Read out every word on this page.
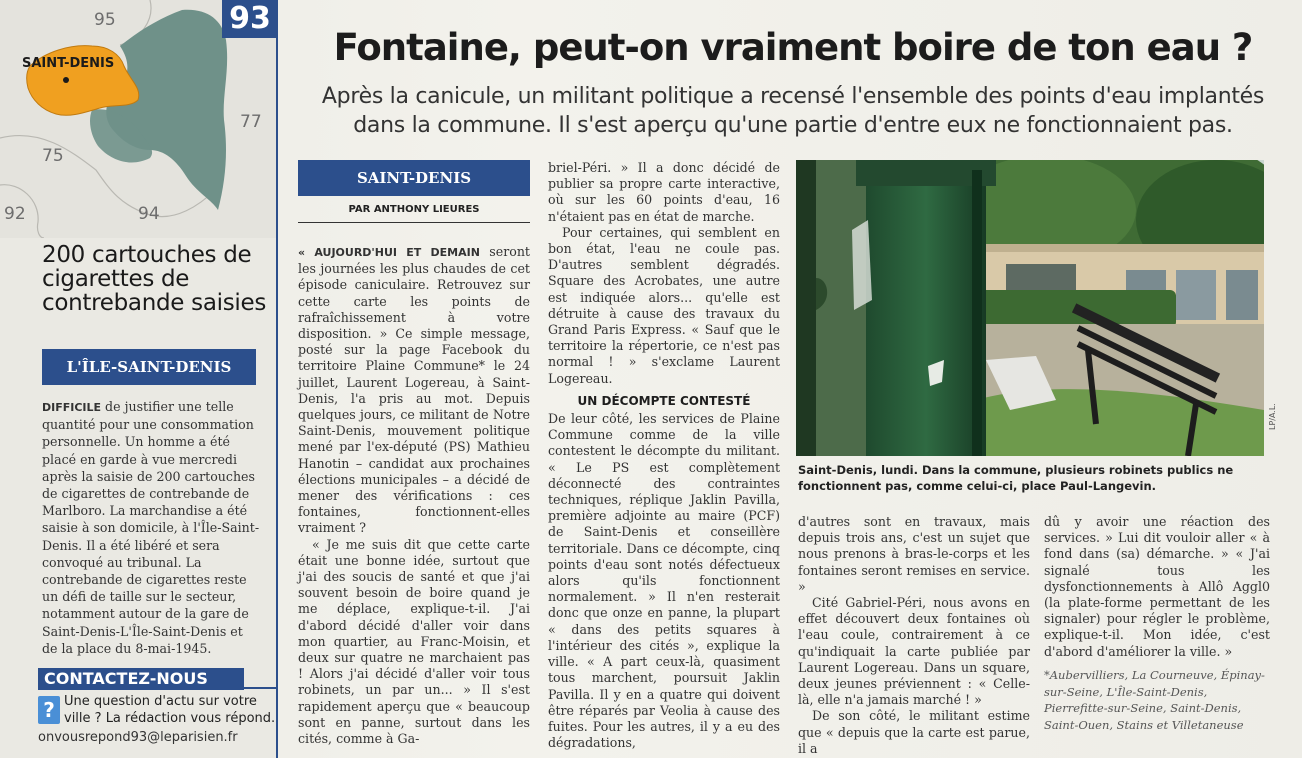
93
95
77
75
92	94
SAINT-DENIS
200 cartouches de cigarettes de contrebande saisies
L'ÎLE-SAINT-DENIS
DIFFICILE de justifier une telle quantité pour une consommation personnelle. Un homme a été placé en garde à vue mercredi après la saisie de 200 cartouches de cigarettes de contrebande de Marlboro. La marchandise a été saisie à son domicile, à l'Île-Saint-Denis. Il a été libéré et sera convoqué au tribunal. La contrebande de cigarettes reste un défi de taille sur le secteur, notamment autour de la gare de Saint-Denis-L'Île-Saint-Denis et de la place du 8-mai-1945.
CONTACTEZ-NOUS
? Une question d'actu sur votre ville ? La rédaction vous répond.
onvousrepond93@leparisien.fr
Fontaine, peut-on vraiment boire de ton eau ?
Après la canicule, un militant politique a recensé l'ensemble des points d'eau implantés dans la commune. Il s'est aperçu qu'une partie d'entre eux ne fonctionnaient pas.
SAINT-DENIS
PAR ANTHONY LIEURES

« AUJOURD'HUI ET DEMAIN seront les journées les plus chaudes de cet épisode caniculaire. Retrouvez sur cette carte les points de rafraîchissement à votre disposition. » Ce simple message, posté sur la page Facebook du territoire Plaine Commune* le 24 juillet, Laurent Logereau, à Saint-Denis, l'a pris au mot. Depuis quelques jours, ce militant de Notre Saint-Denis, mouvement politique mené par l'ex-député (PS) Mathieu Hanotin – candidat aux prochaines élections municipales – a décidé de mener des vérifications : ces fontaines, fonctionnent-elles vraiment ?

« Je me suis dit que cette carte était une bonne idée, surtout que j'ai des soucis de santé et que j'ai souvent besoin de boire quand je me déplace, explique-t-il. J'ai d'abord décidé d'aller voir dans mon quartier, au Franc-Moisin, et deux sur quatre ne marchaient pas ! Alors j'ai décidé d'aller voir tous robinets, un par un... » Il s'est rapidement aperçu que « beaucoup sont en panne, surtout dans les cités, comme à Ga-

briel-Péri. » Il a donc décidé de publier sa propre carte interactive, où sur les 60 points d'eau, 16 n'étaient pas en état de marche.

Pour certaines, qui semblent en bon état, l'eau ne coule pas. D'autres semblent dégradés. Square des Acrobates, une autre est indiquée alors... qu'elle est détruite à cause des travaux du Grand Paris Express. « Sauf que le territoire la répertorie, ce n'est pas normal ! » s'exclame Laurent Logereau.

UN DÉCOMPTE CONTESTÉ

De leur côté, les services de Plaine Commune comme de la ville contestent le décompte du militant. « Le PS est complètement déconnecté des contraintes techniques, réplique Jaklin Pavilla, première adjointe au maire (PCF) de Saint-Denis et conseillère territoriale. Dans ce décompte, cinq points d'eau sont notés défectueux alors qu'ils fonctionnent normalement. » Il n'en resterait donc que onze en panne, la plupart « dans des petits squares à l'intérieur des cités », explique la ville. « A part ceux-là, quasiment tous marchent, poursuit Jaklin Pavilla. Il y en a quatre qui doivent être réparés par Veolia à cause des fuites. Pour les autres, il y a eu des dégradations,

LP/A.L.
Saint-Denis, lundi. Dans la commune, plusieurs robinets publics ne fonctionnent pas, comme celui-ci, place Paul-Langevin.

d'autres sont en travaux, mais depuis trois ans, c'est un sujet que nous prenons à bras-le-corps et les fontaines seront remises en service. »

Cité Gabriel-Péri, nous avons en effet découvert deux fontaines où l'eau coule, contrairement à ce qu'indiquait la carte publiée par Laurent Logereau. Dans un square, deux jeunes préviennent : « Celle-là, elle n'a jamais marché ! »

De son côté, le militant estime que « depuis que la carte est parue, il a

dû y avoir une réaction des services. » Lui dit vouloir aller « à fond dans (sa) démarche. » « J'ai signalé tous les dysfonctionnements à Allô Aggl0 (la plate-forme permettant de les signaler) pour régler le problème, explique-t-il. Mon idée, c'est d'abord d'améliorer la ville. »

*Aubervilliers, La Courneuve, Épinay-sur-Seine, L'Île-Saint-Denis, Pierrefitte-sur-Seine, Saint-Denis, Saint-Ouen, Stains et Villetaneuse
